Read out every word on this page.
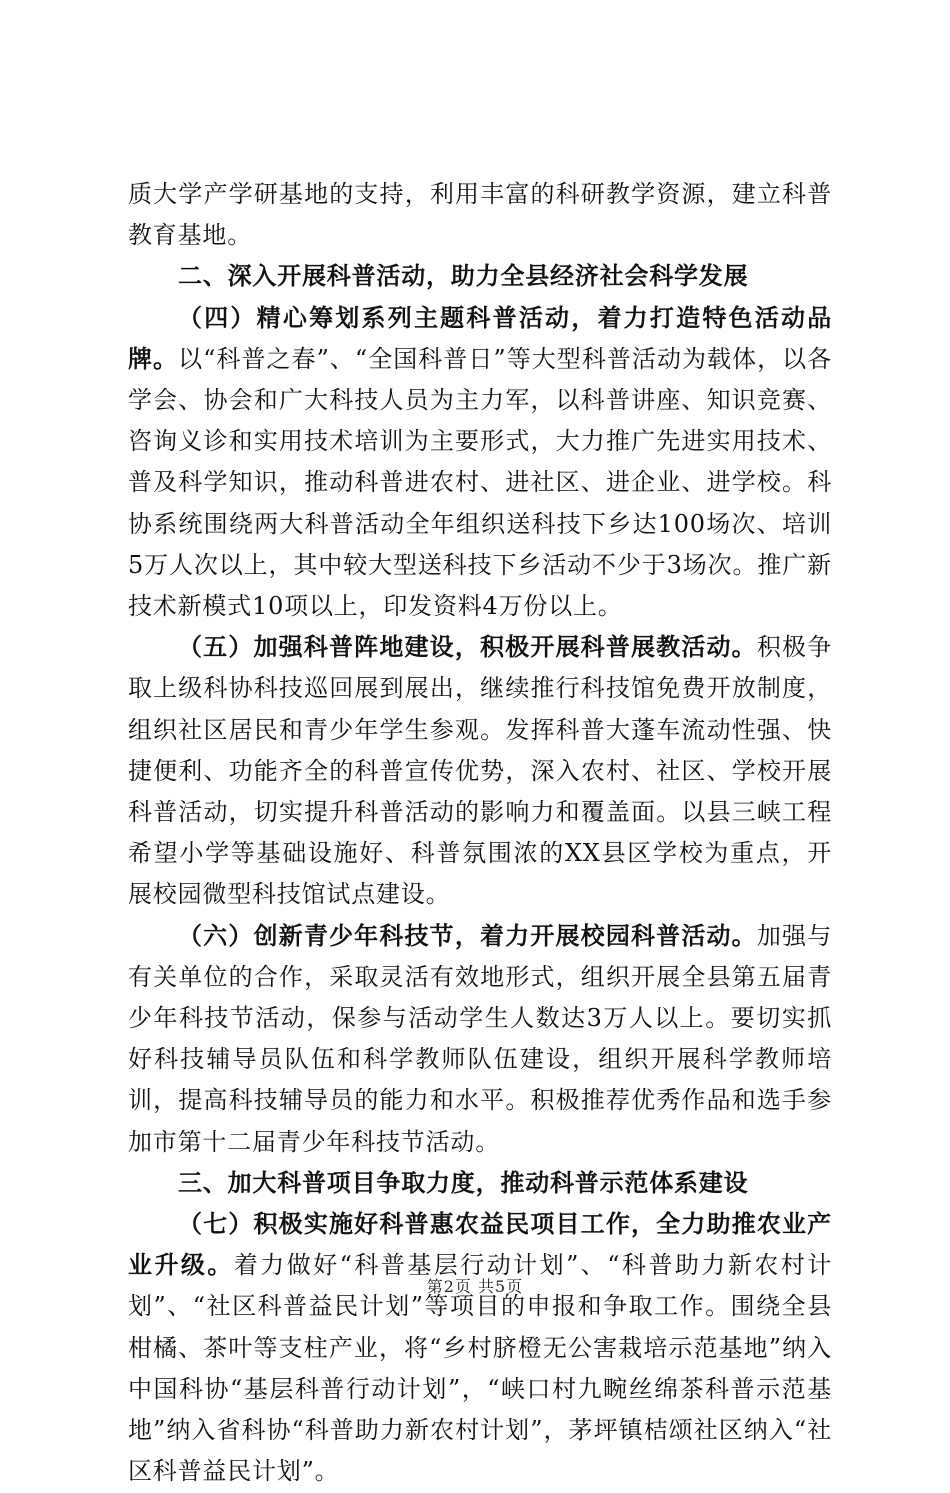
质大学产学研基地的支持，利用丰富的科研教学资源，建立科普教育基地。

二、深入开展科普活动，助力全县经济社会科学发展

（四）精心筹划系列主题科普活动，着力打造特色活动品牌。以“科普之春”、“全国科普日”等大型科普活动为载体，以各学会、协会和广大科技人员为主力军，以科普讲座、知识竞赛、咨询义诊和实用技术培训为主要形式，大力推广先进实用技术、普及科学知识，推动科普进农村、进社区、进企业、进学校。科协系统围绕两大科普活动全年组织送科技下乡达100场次、培训5万人次以上，其中较大型送科技下乡活动不少于3场次。推广新技术新模式10项以上，印发资料4万份以上。

（五）加强科普阵地建设，积极开展科普展教活动。积极争取上级科协科技巡回展到展出，继续推行科技馆免费开放制度，组织社区居民和青少年学生参观。发挥科普大蓬车流动性强、快捷便利、功能齐全的科普宣传优势，深入农村、社区、学校开展科普活动，切实提升科普活动的影响力和覆盖面。以县三峡工程希望小学等基础设施好、科普氛围浓的XX县区学校为重点，开展校园微型科技馆试点建设。

（六）创新青少年科技节，着力开展校园科普活动。加强与有关单位的合作，采取灵活有效地形式，组织开展全县第五届青少年科技节活动，保参与活动学生人数达3万人以上。要切实抓好科技辅导员队伍和科学教师队伍建设，组织开展科学教师培训，提高科技辅导员的能力和水平。积极推荐优秀作品和选手参加市第十二届青少年科技节活动。

三、加大科普项目争取力度，推动科普示范体系建设

（七）积极实施好科普惠农益民项目工作，全力助推农业产业升级。着力做好“科普基层行动计划”、“科普助力新农村计划”、“社区科普益民计划”等项目的申报和争取工作。围绕全县柑橘、茶叶等支柱产业，将“乡村脐橙无公害栽培示范基地”纳入中国科协“基层科普行动计划”，“峡口村九畹丝绵茶科普示范基地”纳入省科协“科普助力新农村计划”，茅坪镇桔颂社区纳入“社区科普益民计划”。

第2页 共5页
